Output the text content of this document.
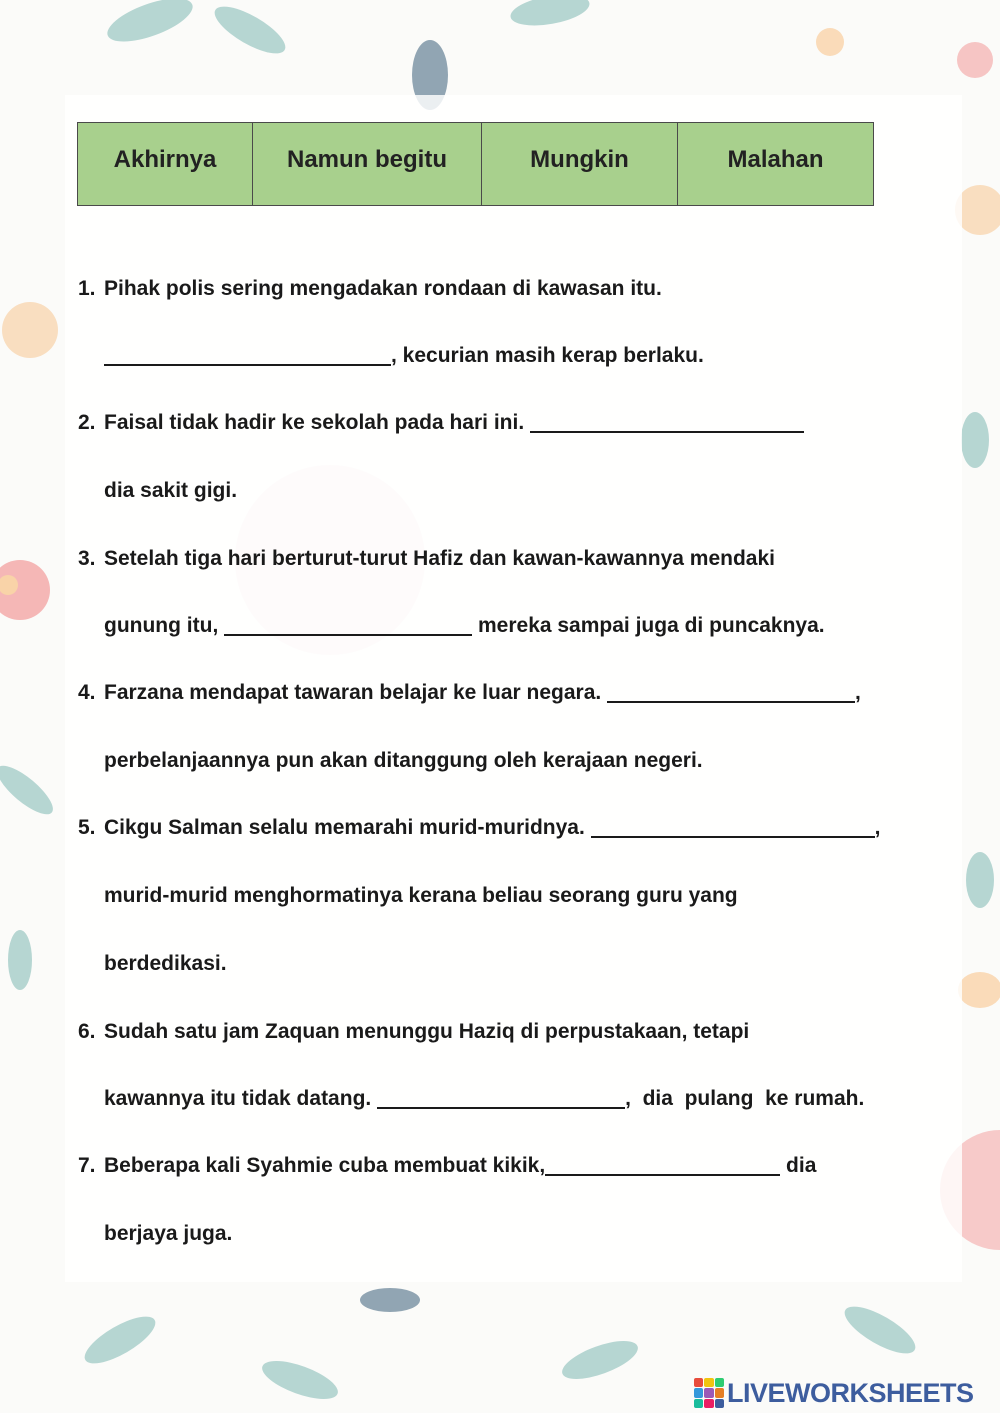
Akhirnya	Namun begitu	Mungkin	Malahan
1. Pihak polis sering mengadakan rondaan di kawasan itu.
, kecurian masih kerap berlaku.
2. Faisal tidak hadir ke sekolah pada hari ini.
dia sakit gigi.
3. Setelah tiga hari berturut-turut Hafiz dan kawan-kawannya mendaki
gunung itu,	mereka sampai juga di puncaknya.
4. Farzana mendapat tawaran belajar ke luar negara.	,
perbelanjaannya pun akan ditanggung oleh kerajaan negeri.
5. Cikgu Salman selalu memarahi murid-muridnya.	,
murid-murid menghormatinya kerana beliau seorang guru yang
berdedikasi.
6. Sudah satu jam Zaquan menunggu Haziq di perpustakaan, tetapi
kawannya itu tidak datang.	,  dia  pulang  ke rumah.
7. Beberapa kali Syahmie cuba membuat kikik,	dia
berjaya juga.
LIVEWORKSHEETS
